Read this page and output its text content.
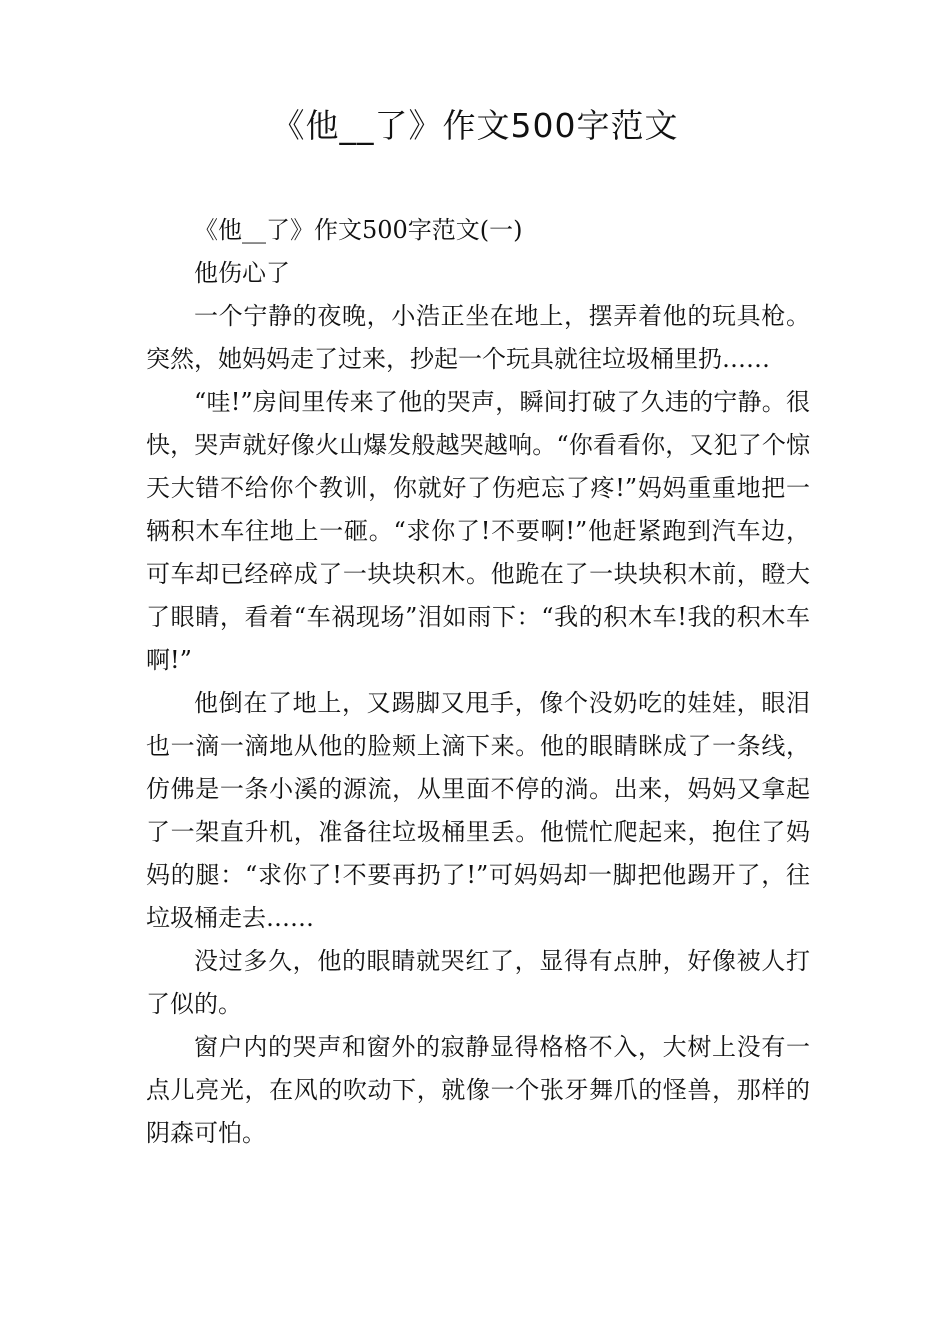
《他__了》作文500字范文

《他__了》作文500字范文(一)

他伤心了

一个宁静的夜晚，小浩正坐在地上，摆弄着他的玩具枪。突然，她妈妈走了过来，抄起一个玩具就往垃圾桶里扔……

“哇!”房间里传来了他的哭声，瞬间打破了久违的宁静。很快，哭声就好像火山爆发般越哭越响。“你看看你，又犯了个惊天大错不给你个教训，你就好了伤疤忘了疼!”妈妈重重地把一辆积木车往地上一砸。“求你了!不要啊!”他赶紧跑到汽车边，可车却已经碎成了一块块积木。他跪在了一块块积木前，瞪大了眼睛，看着“车祸现场”泪如雨下：“我的积木车!我的积木车啊!”

他倒在了地上，又踢脚又甩手，像个没奶吃的娃娃，眼泪也一滴一滴地从他的脸颊上滴下来。他的眼睛眯成了一条线，仿佛是一条小溪的源流，从里面不停的淌。出来，妈妈又拿起了一架直升机，准备往垃圾桶里丢。他慌忙爬起来，抱住了妈妈的腿：“求你了!不要再扔了!”可妈妈却一脚把他踢开了，往垃圾桶走去……

没过多久，他的眼睛就哭红了，显得有点肿，好像被人打了似的。

窗户内的哭声和窗外的寂静显得格格不入，大树上没有一点儿亮光，在风的吹动下，就像一个张牙舞爪的怪兽，那样的阴森可怕。
